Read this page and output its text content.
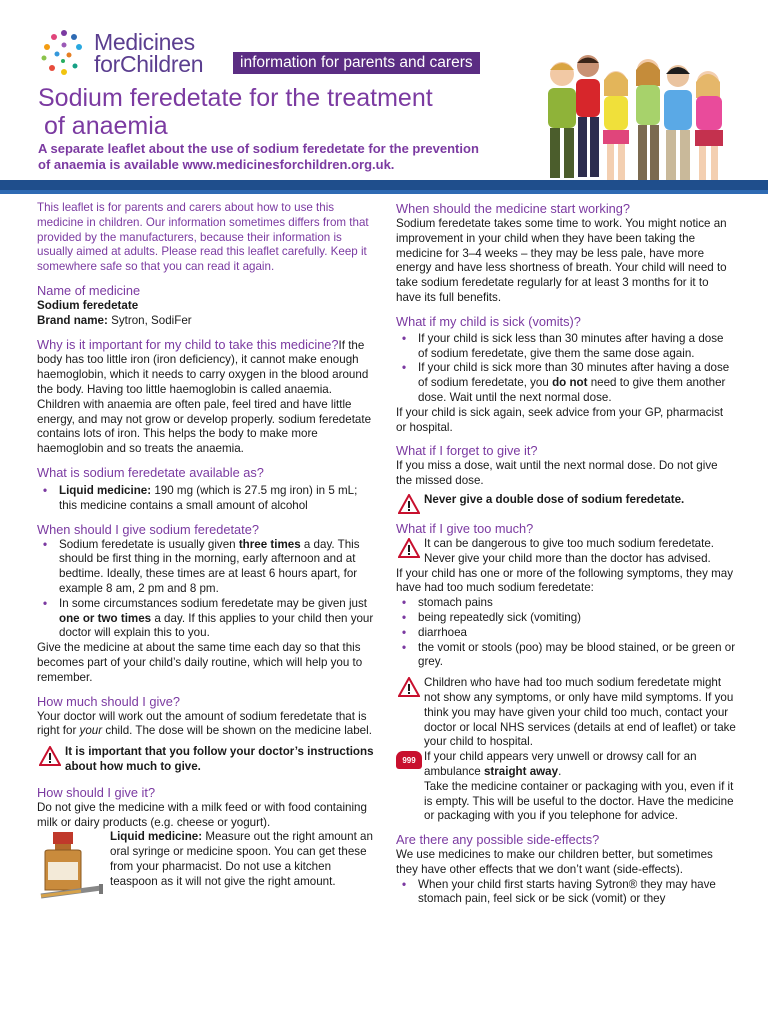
Medicines
forChildren	information for parents and carers
Sodium feredetate for the treatment
of anaemia
A separate leaflet about the use of sodium feredetate for the prevention
of anaemia is available www.medicinesforchildren.org.uk.

This leaflet is for parents and carers about how to use this medicine in children. Our information sometimes differs from that provided by the manufacturers, because their information is usually aimed at adults. Please read this leaflet carefully. Keep it somewhere safe so that you can read it again.

Name of medicine

Sodium feredetate

Brand name: Sytron, SodiFer

Why is it important for my child to take this medicine?If the body has too little iron (iron deficiency), it cannot make enough haemoglobin, which it needs to carry oxygen in the blood around the body. Having too little haemoglobin is called anaemia. Children with anaemia are often pale, feel tired and have little energy, and may not grow or develop properly. sodium feredetate contains lots of iron. This helps the body to make more haemoglobin and so treats the anaemia.

What is sodium feredetate available as?

• Liquid medicine: 190 mg (which is 27.5 mg iron) in 5 mL; this medicine contains a small amount of alcohol

When should I give sodium feredetate?

• Sodium feredetate is usually given three times a day. This should be first thing in the morning, early afternoon and at bedtime. Ideally, these times are at least 6 hours apart, for example 8 am, 2 pm and 8 pm.
• In some circumstances sodium feredetate may be given just one or two times a day. If this applies to your child then your doctor will explain this to you.

Give the medicine at about the same time each day so that this becomes part of your child’s daily routine, which will help you to remember.

How much should I give?

Your doctor will work out the amount of sodium feredetate that is right for your child. The dose will be shown on the medicine label.

It is important that you follow your doctor’s instructions about how much to give.

How should I give it?

Do not give the medicine with a milk feed or with food containing milk or dairy products (e.g. cheese or yogurt).

Liquid medicine: Measure out the right amount an oral syringe or medicine spoon. You can get these from your pharmacist. Do not use a kitchen teaspoon as it will not give the right amount.

When should the medicine start working?

Sodium feredetate takes some time to work. You might notice an improvement in your child when they have been taking the medicine for 3–4 weeks – they may be less pale, have more energy and have less shortness of breath. Your child will need to take sodium feredetate regularly for at least 3 months for it to have its full benefits.

What if my child is sick (vomits)?

• If your child is sick less than 30 minutes after having a dose of sodium feredetate, give them the same dose again.
• If your child is sick more than 30 minutes after having a dose of sodium feredetate, you do not need to give them another dose. Wait until the next normal dose.

If your child is sick again, seek advice from your GP, pharmacist or hospital.

What if I forget to give it?

If you miss a dose, wait until the next normal dose. Do not give the missed dose.

Never give a double dose of sodium feredetate.

What if I give too much?

It can be dangerous to give too much sodium feredetate. Never give your child more than the doctor has advised.

If your child has one or more of the following symptoms, they may have had too much sodium feredetate:

• stomach pains
• being repeatedly sick (vomiting)
• diarrhoea
• the vomit or stools (poo) may be blood stained, or be green or grey.
Children who have had too much sodium feredetate might not show any symptoms, or only have mild symptoms. If you think you may have given your child too much, contact your doctor or local NHS services (details at end of leaflet) or take your child to hospital.
999 If your child appears very unwell or drowsy call for an ambulance straight away.

Take the medicine container or packaging with you, even if it is empty. This will be useful to the doctor. Have the medicine or packaging with you if you telephone for advice.

Are there any possible side-effects?

We use medicines to make our children better, but sometimes they have other effects that we don’t want (side-effects).

• When your child first starts having Sytron® they may have stomach pain, feel sick or be sick (vomit) or they
